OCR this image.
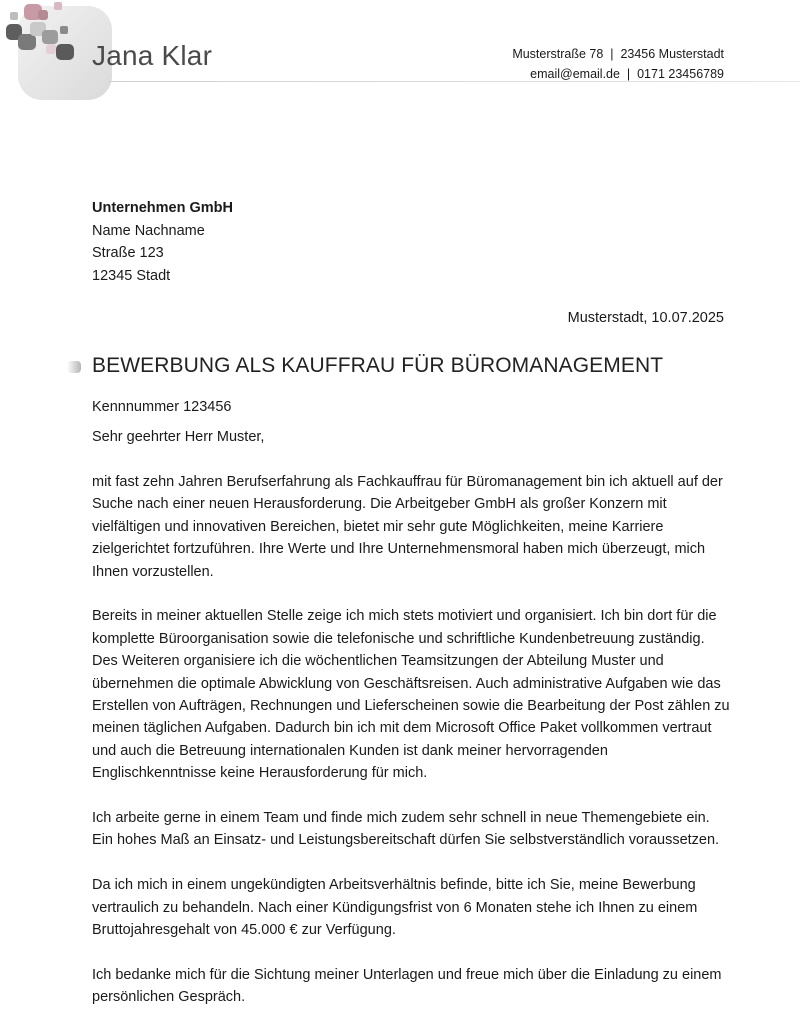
Jana Klar	Musterstraße 78  |  23456 Musterstadt
email@email.de  |  0171 23456789
Unternehmen GmbH
Name Nachname
Straße 123
12345 Stadt
Musterstadt, 10.07.2025
BEWERBUNG ALS KAUFFRAU FÜR BÜROMANAGEMENT
Kennnummer 123456
Sehr geehrter Herr Muster,

mit fast zehn Jahren Berufserfahrung als Fachkauffrau für Büromanagement bin ich aktuell auf der Suche nach einer neuen Herausforderung. Die Arbeitgeber GmbH als großer Konzern mit vielfältigen und innovativen Bereichen, bietet mir sehr gute Möglichkeiten, meine Karriere zielgerichtet fortzuführen. Ihre Werte und Ihre Unternehmensmoral haben mich überzeugt, mich Ihnen vorzustellen.

Bereits in meiner aktuellen Stelle zeige ich mich stets motiviert und organisiert. Ich bin dort für die komplette Büroorganisation sowie die telefonische und schriftliche Kundenbetreuung zuständig. Des Weiteren organisiere ich die wöchentlichen Teamsitzungen der Abteilung Muster und übernehmen die optimale Abwicklung von Geschäftsreisen. Auch administrative Aufgaben wie das Erstellen von Aufträgen, Rechnungen und Lieferscheinen sowie die Bearbeitung der Post zählen zu meinen täglichen Aufgaben. Dadurch bin ich mit dem Microsoft Office Paket vollkommen vertraut und auch die Betreuung internationalen Kunden ist dank meiner hervorragenden Englischkenntnisse keine Herausforderung für mich.

Ich arbeite gerne in einem Team und finde mich zudem sehr schnell in neue Themengebiete ein. Ein hohes Maß an Einsatz- und Leistungsbereitschaft dürfen Sie selbstverständlich voraussetzen.

Da ich mich in einem ungekündigten Arbeitsverhältnis befinde, bitte ich Sie, meine Bewerbung vertraulich zu behandeln. Nach einer Kündigungsfrist von 6 Monaten stehe ich Ihnen zu einem Bruttojahresgehalt von 45.000 € zur Verfügung.

Ich bedanke mich für die Sichtung meiner Unterlagen und freue mich über die Einladung zu einem persönlichen Gespräch.
